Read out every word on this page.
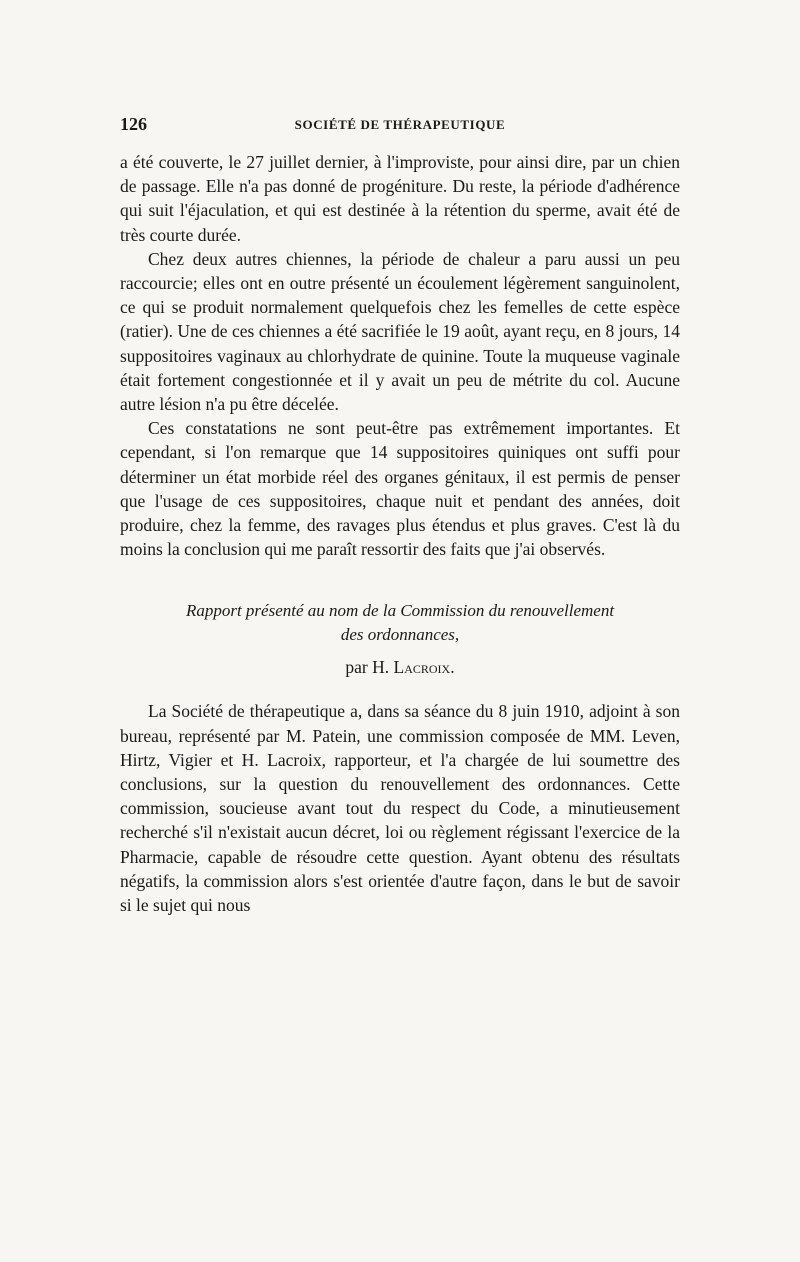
126	SOCIÉTÉ DE THÉRAPEUTIQUE

a été couverte, le 27 juillet dernier, à l'improviste, pour ainsi dire, par un chien de passage. Elle n'a pas donné de progéniture. Du reste, la période d'adhérence qui suit l'éjaculation, et qui est destinée à la rétention du sperme, avait été de très courte durée.

Chez deux autres chiennes, la période de chaleur a paru aussi un peu raccourcie; elles ont en outre présenté un écoulement légèrement sanguinolent, ce qui se produit normalement quelquefois chez les femelles de cette espèce (ratier). Une de ces chiennes a été sacrifiée le 19 août, ayant reçu, en 8 jours, 14 suppositoires vaginaux au chlorhydrate de quinine. Toute la muqueuse vaginale était fortement congestionnée et il y avait un peu de métrite du col. Aucune autre lésion n'a pu être décelée.

Ces constatations ne sont peut-être pas extrêmement importantes. Et cependant, si l'on remarque que 14 suppositoires quiniques ont suffi pour déterminer un état morbide réel des organes génitaux, il est permis de penser que l'usage de ces suppositoires, chaque nuit et pendant des années, doit produire, chez la femme, des ravages plus étendus et plus graves. C'est là du moins la conclusion qui me paraît ressortir des faits que j'ai observés.

Rapport présenté au nom de la Commission du renouvellement
des ordonnances,
par H. Lacroix.

La Société de thérapeutique a, dans sa séance du 8 juin 1910, adjoint à son bureau, représenté par M. Patein, une commission composée de MM. Leven, Hirtz, Vigier et H. Lacroix, rapporteur, et l'a chargée de lui soumettre des conclusions, sur la question du renouvellement des ordonnances. Cette commission, soucieuse avant tout du respect du Code, a minutieusement recherché s'il n'existait aucun décret, loi ou règlement régissant l'exercice de la Pharmacie, capable de résoudre cette question. Ayant obtenu des résultats négatifs, la commission alors s'est orientée d'autre façon, dans le but de savoir si le sujet qui nous
